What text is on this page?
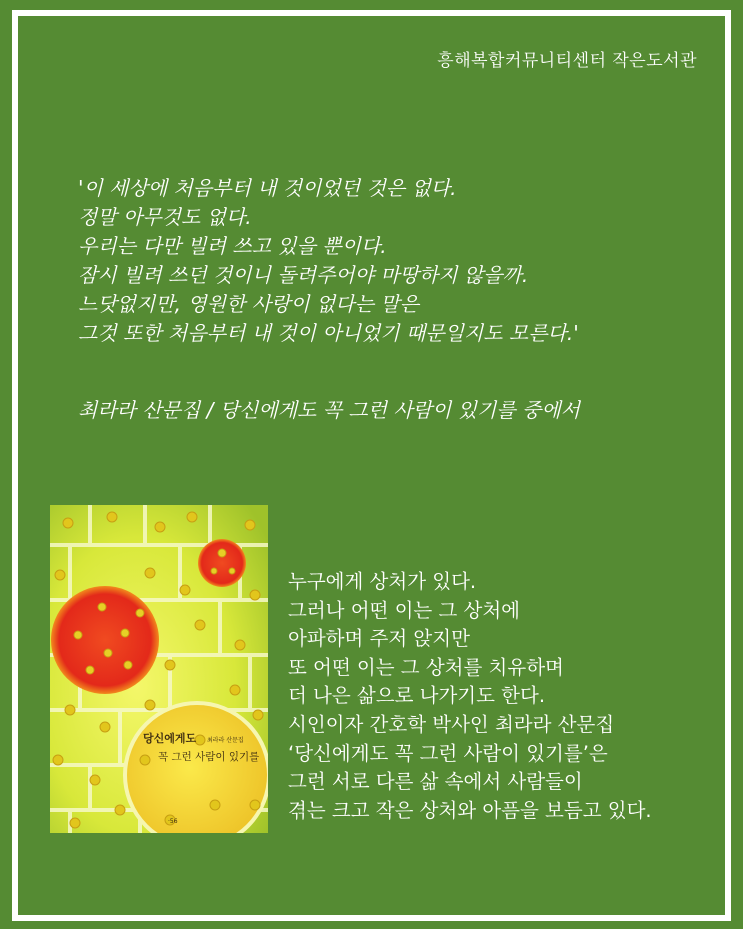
흥해복합커뮤니티센터 작은도서관
'이 세상에 처음부터 내 것이었던 것은 없다.
정말 아무것도 없다.
우리는 다만 빌려 쓰고 있을 뿐이다.
잠시 빌려 쓰던 것이니 돌려주어야 마땅하지 않을까.
느닷없지만, 영원한 사랑이 없다는 말은
그것 또한 처음부터 내 것이 아니었기 때문일지도 모른다.'
최라라 산문집 / 당신에게도 꼭 그런 사람이 있기를 중에서
당신에게도 최라라 산문집
꼭 그런 사람이 있기를
·56
누구에게 상처가 있다.
그러나 어떤 이는 그 상처에
아파하며 주저 앉지만
또 어떤 이는 그 상처를 치유하며
더 나은 삶으로 나가기도 한다.
시인이자 간호학 박사인 최라라 산문집
‘당신에게도 꼭 그런 사람이 있기를’은
그런 서로 다른 삶 속에서 사람들이
겪는 크고 작은 상처와 아픔을 보듬고 있다.
